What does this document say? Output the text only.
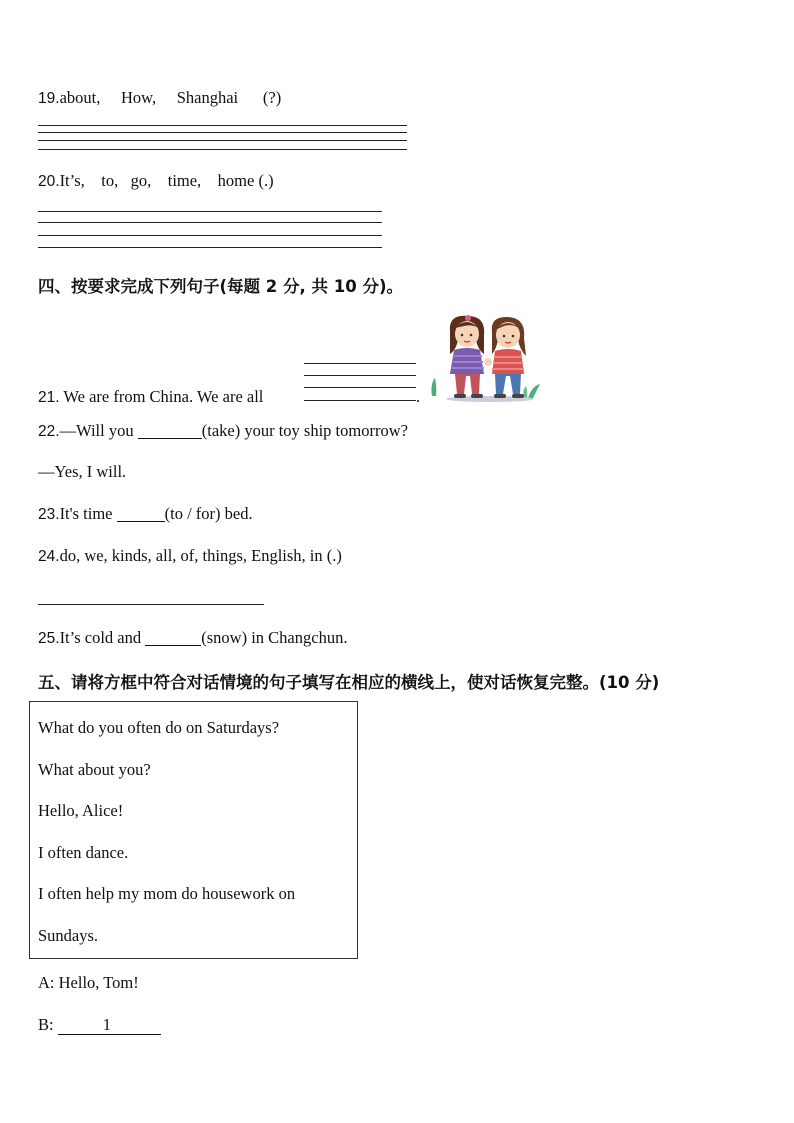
19.about,     How,     Shanghai      (?)
20.It’s,    to,   go,    time,    home (.)
四、按要求完成下列句子(每题 2 分, 共 10 分)。
21. We are from China. We are all	.
22.—Will you	(take) your toy ship tomorrow?
—Yes, I will.
23.It's time	(to / for) bed.
24.do, we, kinds, all, of, things, English, in (.)
25.It’s cold and	(snow) in Changchun.
五、请将方框中符合对话情境的句子填写在相应的横线上，使对话恢复完整。(10 分)
What do you often do on Saturdays?
What about you?
Hello, Alice!
I often dance.
I often help my mom do housework on
Sundays.
A: Hello, Tom!
B:	1
